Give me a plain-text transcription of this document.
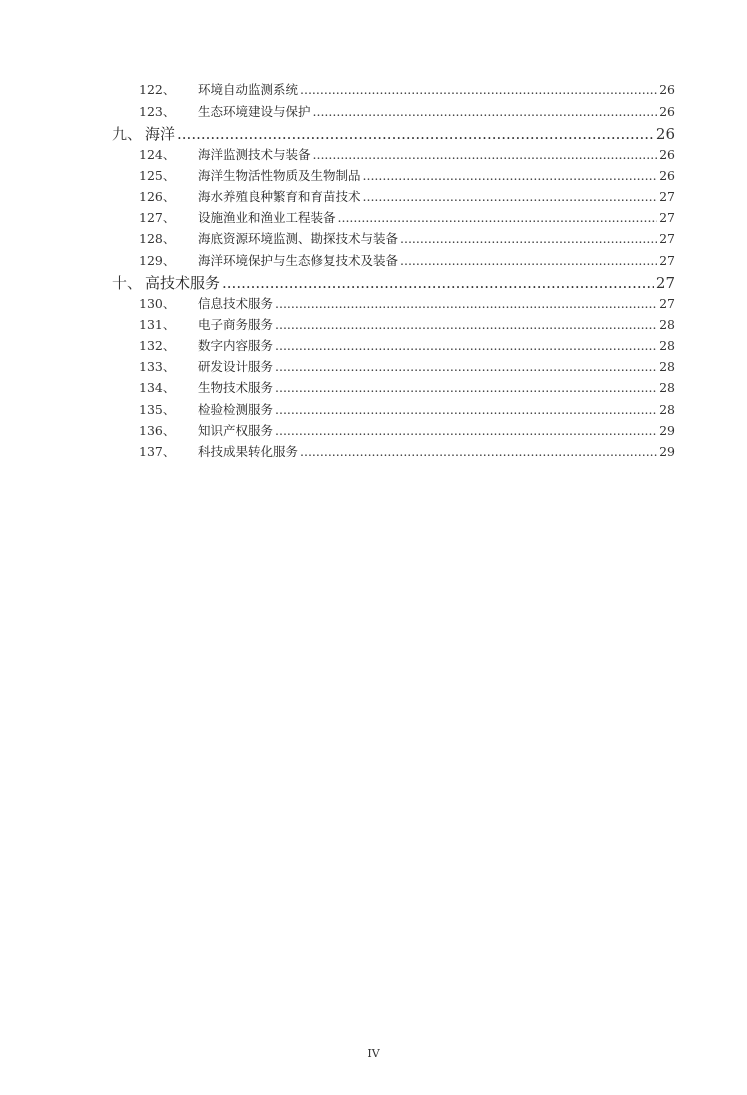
122、	环境自动监测系统 .....	26
123、	生态环境建设与保护 .....	26
九、 海洋 .....	26
124、	海洋监测技术与装备 .....	26
125、	海洋生物活性物质及生物制品 .....	26
126、	海水养殖良种繁育和育苗技术 .....	27
127、	设施渔业和渔业工程装备 .....	27
128、	海底资源环境监测、勘探技术与装备 .....	27
129、	海洋环境保护与生态修复技术及装备 .....	27
十、 高技术服务 .....	27
130、	信息技术服务 .....	27
131、	电子商务服务 .....	28
132、	数字内容服务 .....	28
133、	研发设计服务 .....	28
134、	生物技术服务 .....	28
135、	检验检测服务 .....	28
136、	知识产权服务 .....	29
137、	科技成果转化服务 .....	29
IV
